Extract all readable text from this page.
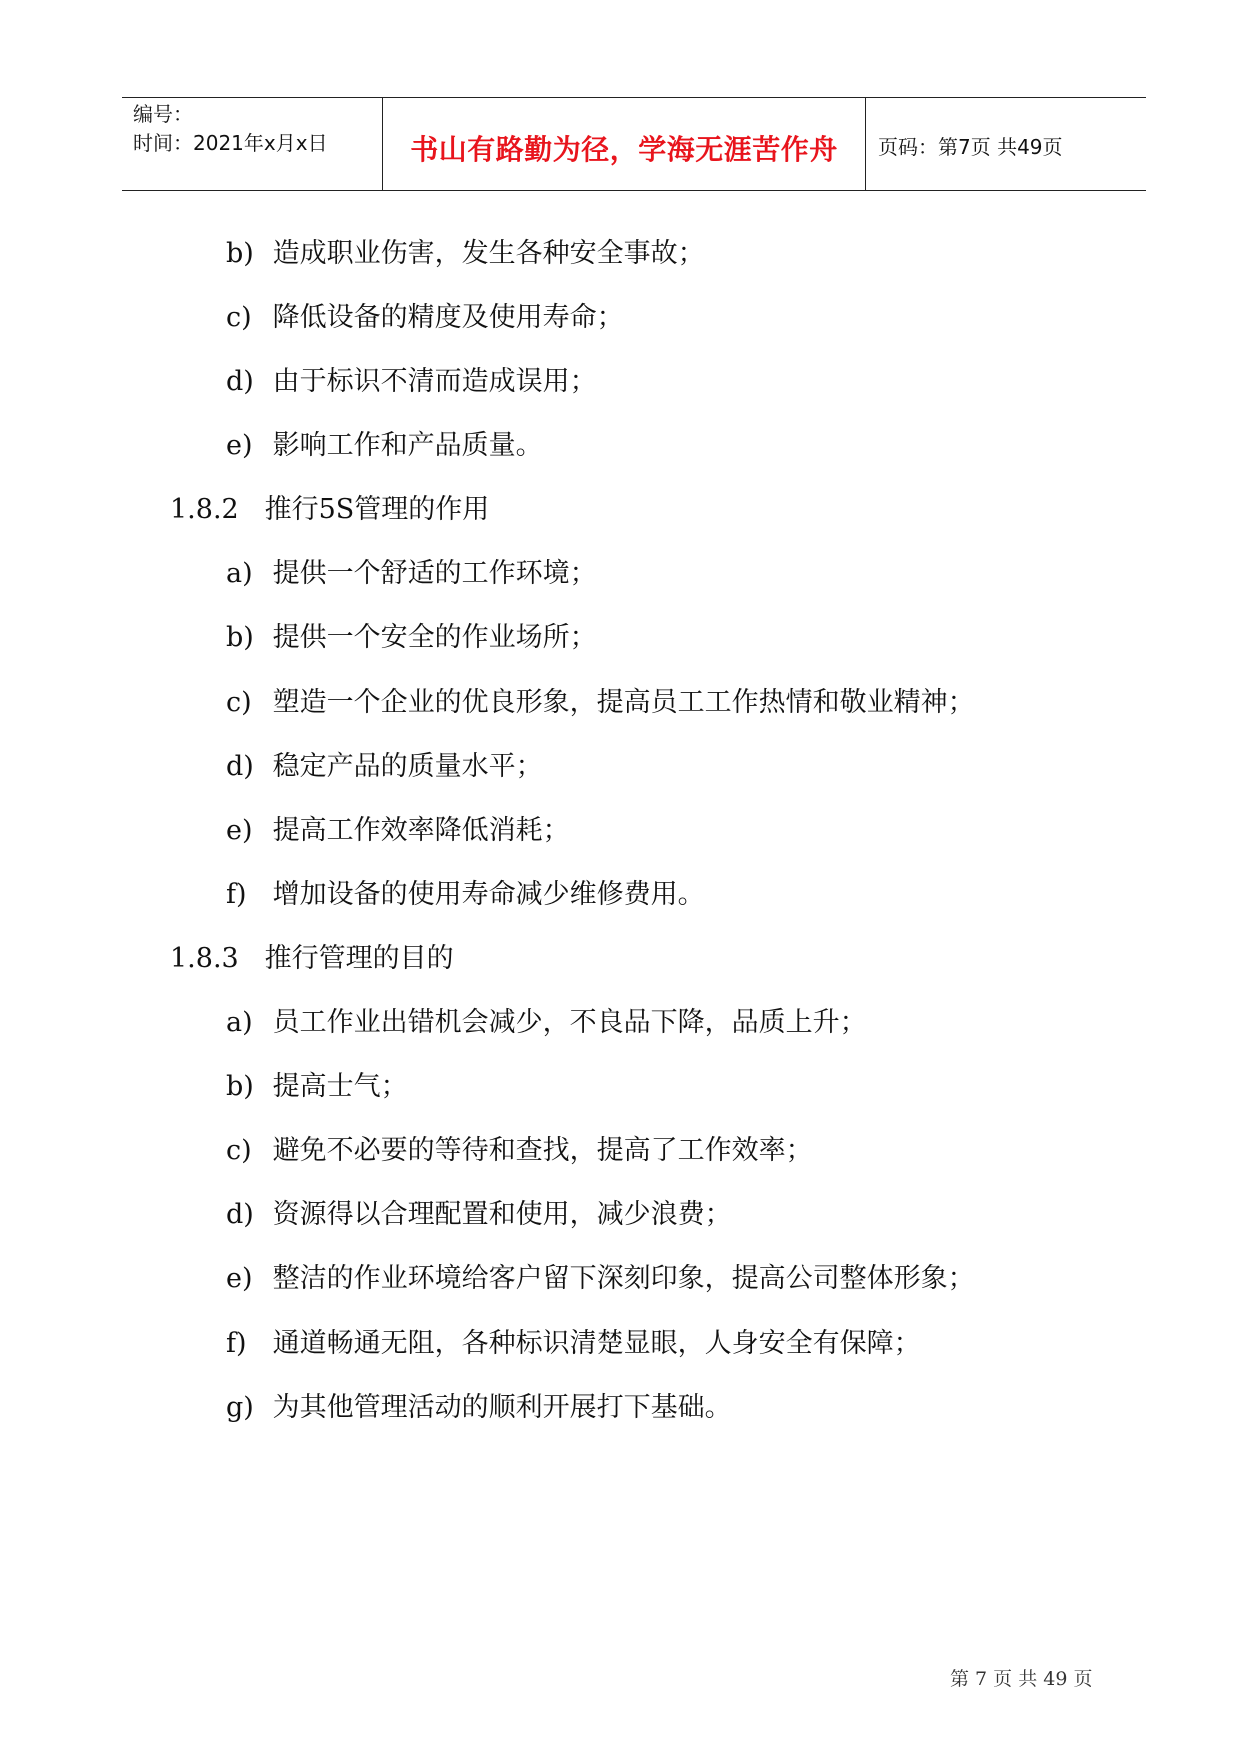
编号：
时间：2021年x月x日	书山有路勤为径，学海无涯苦作舟	页码：第7页 共49页
b) 造成职业伤害，发生各种安全事故；
c) 降低设备的精度及使用寿命；
d) 由于标识不清而造成误用；
e) 影响工作和产品质量。
1.8.2 推行5S管理的作用
a) 提供一个舒适的工作环境；
b) 提供一个安全的作业场所；
c) 塑造一个企业的优良形象，提高员工工作热情和敬业精神；
d) 稳定产品的质量水平；
e) 提高工作效率降低消耗；
f) 增加设备的使用寿命减少维修费用。
1.8.3 推行管理的目的
a) 员工作业出错机会减少，不良品下降，品质上升；
b) 提高士气；
c) 避免不必要的等待和查找，提高了工作效率；
d) 资源得以合理配置和使用，减少浪费；
e) 整洁的作业环境给客户留下深刻印象，提高公司整体形象；
f) 通道畅通无阻，各种标识清楚显眼，人身安全有保障；
g) 为其他管理活动的顺利开展打下基础。
第 7 页 共 49 页
